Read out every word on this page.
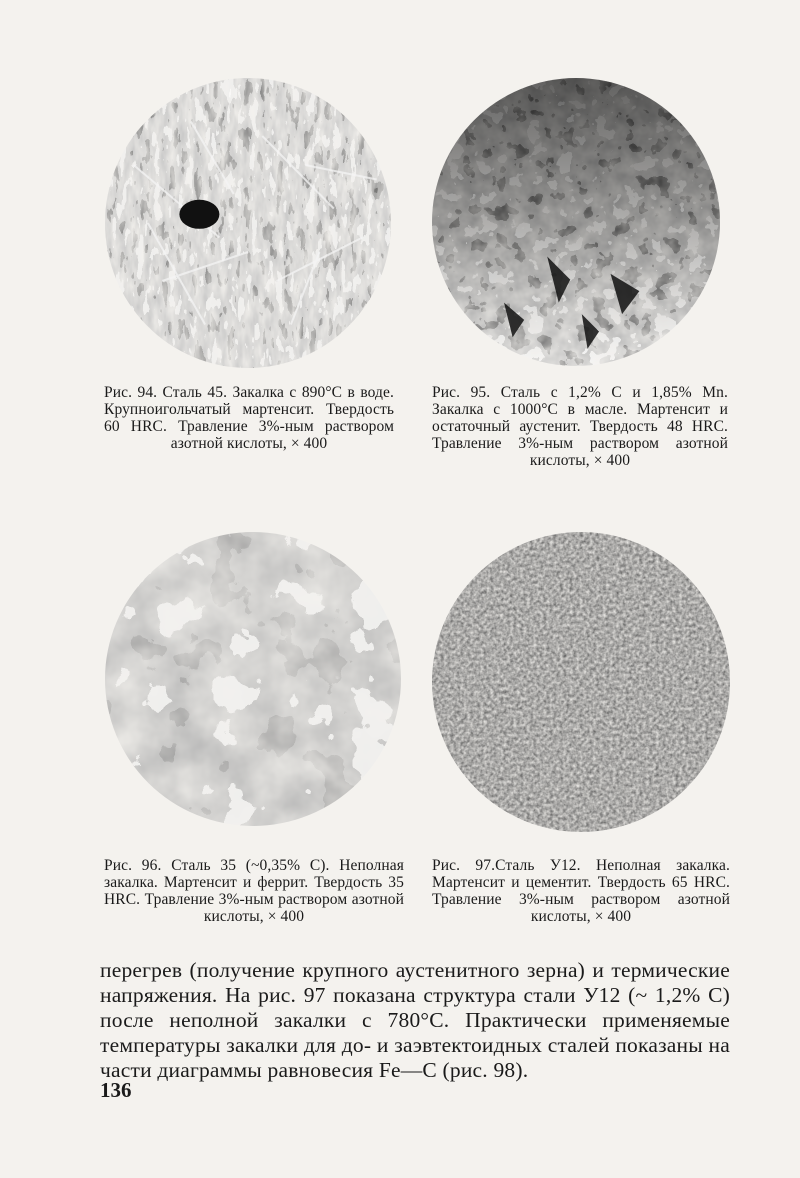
Рис. 94. Сталь 45. Закалка с 890°С в воде. Крупноигольчатый мартенсит. Твердость 60 HRC. Травление 3%-ным раствором азотной кислоты, × 400
Рис. 95. Сталь с 1,2% С и 1,85% Mn. Закалка с 1000°С в масле. Мартенсит и остаточный аустенит. Твердость 48 HRC. Травление 3%-ным раствором азотной кислоты, × 400
Рис. 96. Сталь 35 (~0,35% С). Неполная закалка. Мартенсит и феррит. Твердость 35 HRC. Травление 3%-ным раствором азотной кислоты, × 400
Рис. 97.Сталь У12. Неполная закалка. Мартенсит и цементит. Твердость 65 HRC. Травление 3%-ным раствором азотной кислоты, × 400
перегрев (получение крупного аустенитного зерна) и термические напряжения. На рис. 97 показана структура стали У12 (~ 1,2% С) после неполной закалки с 780°С. Практически применяемые температуры закалки для до- и заэвтектоидных сталей показаны на части диаграммы равновесия Fe—C (рис. 98).
136
